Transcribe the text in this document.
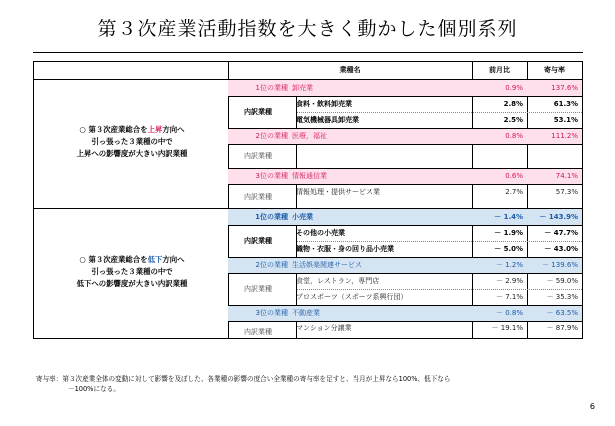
第３次産業活動指数を大きく動かした個別系列
業種名	前月比	寄与率
○ 第３次産業総合を上昇方向へ
引っ張った３業種の中で
上昇への影響度が大きい内訳業種
1位の業種 卸売業	0.9%	137.6%
内訳業種
食料・飲料卸売業	2.8%	61.3%
電気機械器具卸売業	2.5%	53.1%
2位の業種 医療，福祉	0.8%	111.2%
内訳業種
3位の業種 情報通信業	0.6%	74.1%
内訳業種
情報処理・提供サービス業	2.7%	57.3%
○ 第３次産業総合を低下方向へ
引っ張った３業種の中で
低下への影響度が大きい内訳業種
1位の業種 小売業	－ 1.4%	－ 143.9%
内訳業種
その他の小売業	－ 1.9%	－ 47.7%
織物・衣服・身の回り品小売業	－ 5.0%	－ 43.0%
2位の業種 生活娯楽関連サービス	－ 1.2%	－ 139.6%
内訳業種
食堂，レストラン，専門店	－ 2.9%	－ 59.0%
プロスポーツ（スポーツ系興行団）	－ 7.1%	－ 35.3%
3位の業種 不動産業	－ 0.8%	－ 63.5%
内訳業種	マンション分譲業	－ 19.1%	－ 87.9%
寄与率：第３次産業全体の変動に対して影響を及ぼした、各業種の影響の度合い全業種の寄与率を足すと、当月が上昇なら100%、低下なら
－100%になる。
6
